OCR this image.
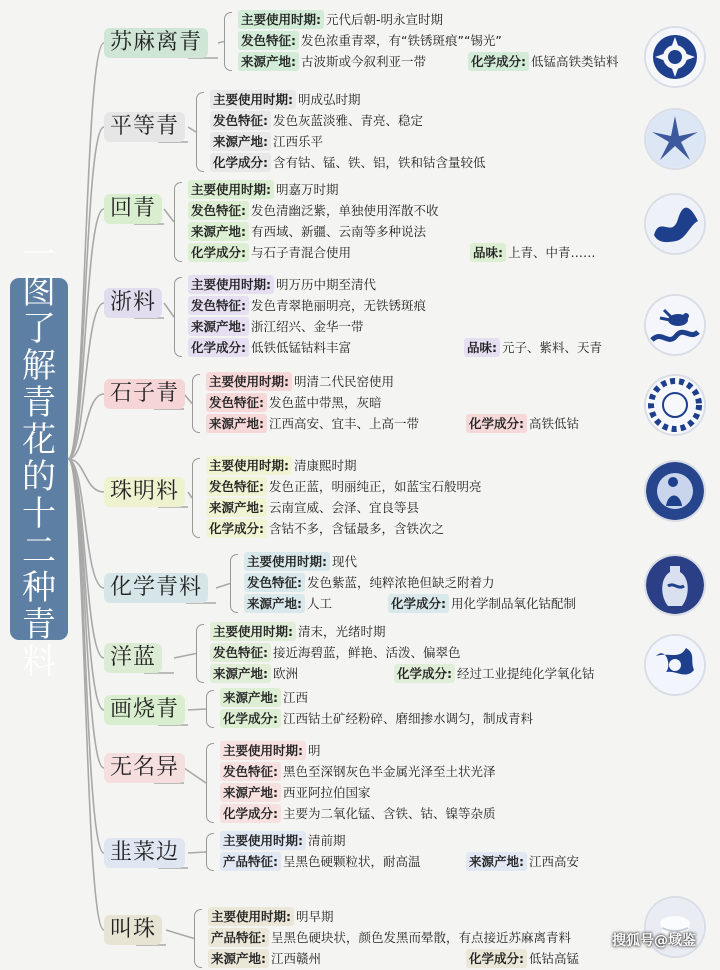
一图了解青花的十二种青料
苏麻离青
主要使用时期: 元代后朝-明永宣时期
发色特征: 发色浓重青翠，有“铁锈斑痕”“锡光”
来源产地: 古波斯或今叙利亚一带	化学成分: 低锰高铁类钴料
平等青
主要使用时期: 明成弘时期
发色特征: 发色灰蓝淡雅、青亮、稳定
来源产地: 江西乐平
化学成分: 含有钴、锰、铁、铝，铁和钴含量较低
回青
主要使用时期: 明嘉万时期
发色特征: 发色清幽泛紫，单独使用浑散不收
来源产地: 有西域、新疆、云南等多种说法
化学成分: 与石子青混合使用	品味: 上青、中青……
浙料
主要使用时期: 明万历中期至清代
发色特征: 发色青翠艳丽明亮，无铁锈斑痕
来源产地: 浙江绍兴、金华一带
化学成分: 低铁低锰钴料丰富	品味: 元子、紫料、天青
石子青	主要使用时期: 明清二代民窑使用
发色特征: 发色蓝中带黑，灰暗
来源产地: 江西高安、宜丰、上高一带	化学成分: 高铁低钴
珠明料
主要使用时期: 清康熙时期
发色特征: 发色正蓝，明丽纯正，如蓝宝石般明亮
来源产地: 云南宣威、会泽、宜良等县
化学成分: 含钴不多，含锰最多，含铁次之
化学青料
主要使用时期: 现代
发色特征: 发色紫蓝，纯粹浓艳但缺乏附着力
来源产地: 人工	化学成分: 用化学制品氧化钴配制
洋蓝
主要使用时期: 清末，光绪时期
发色特征: 接近海碧蓝，鲜艳、活泼、偏翠色
来源产地: 欧洲	化学成分: 经过工业提纯化学氧化钴
画烧青	来源产地: 江西
化学成分: 江西钴土矿经粉碎、磨细掺水调匀，制成青料
无名异
主要使用时期: 明
发色特征: 黑色至深钢灰色半金属光泽至土状光泽
来源产地: 西亚阿拉伯国家
化学成分: 主要为二氧化锰、含铁、钴、镍等杂质
韭菜边	主要使用时期: 清前期
产品特征: 呈黑色硬颗粒状，耐高温	来源产地: 江西高安
叫珠
主要使用时期: 明早期
产品特征: 呈黑色硬块状，颜色发黑而晕散，有点接近苏麻离青料
来源产地: 江西赣州	化学成分: 低钴高锰
搜狐号@域鉴
